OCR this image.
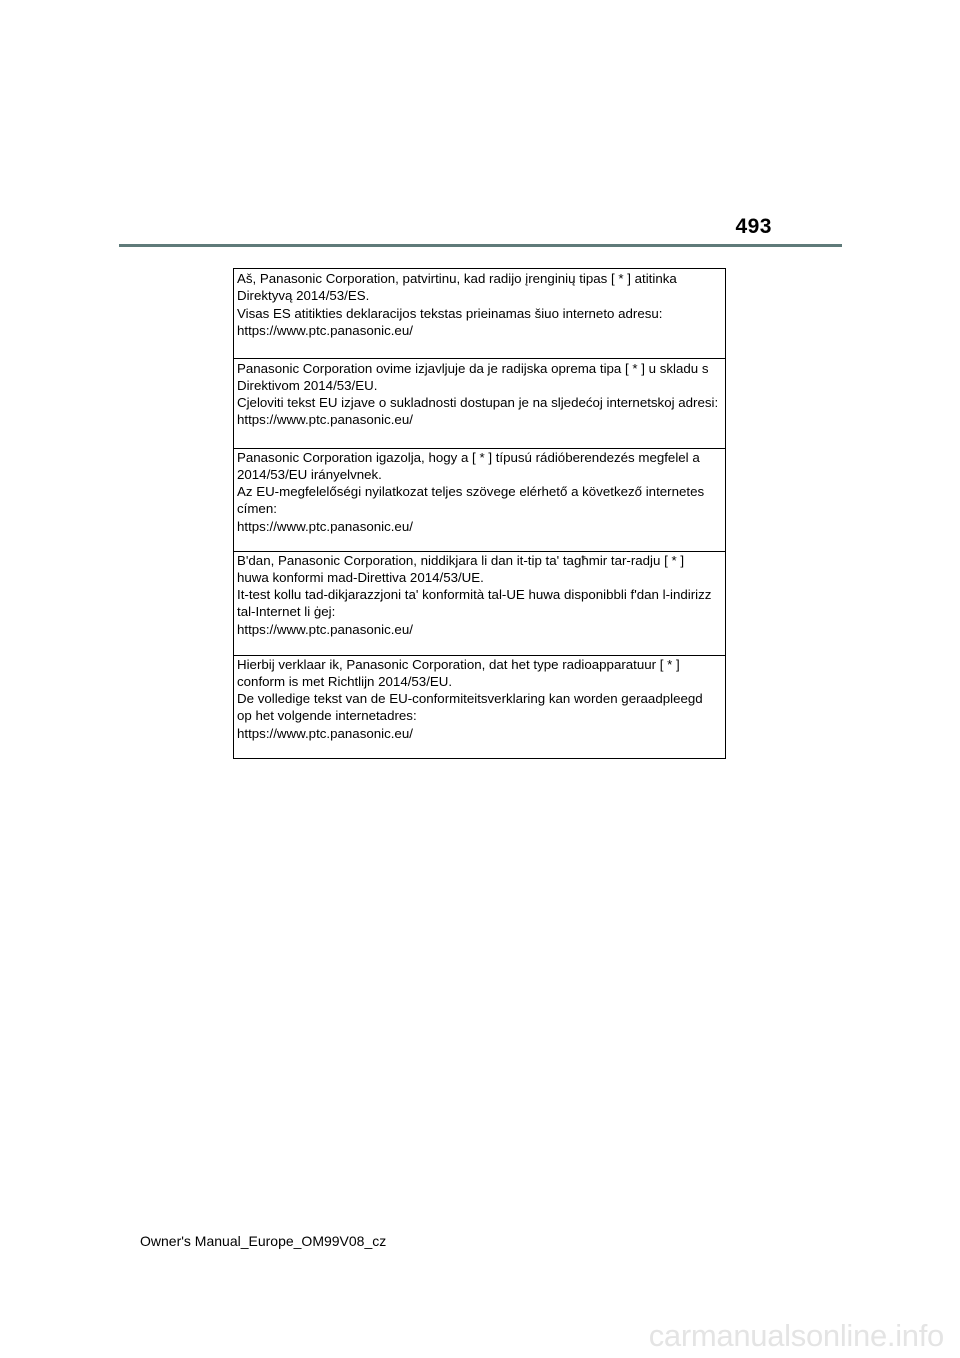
493
Aš, Panasonic Corporation, patvirtinu, kad radijo įrenginių tipas [ * ] atitinka
Direktyvą 2014/53/ES.
Visas ES atitikties deklaracijos tekstas prieinamas šiuo interneto adresu:
https://www.ptc.panasonic.eu/
Panasonic Corporation ovime izjavljuje da je radijska oprema tipa [ * ] u skladu s
Direktivom 2014/53/EU.
Cjeloviti tekst EU izjave o sukladnosti dostupan je na sljedećoj internetskoj adresi:
https://www.ptc.panasonic.eu/
Panasonic Corporation igazolja, hogy a [ * ] típusú rádióberendezés megfelel a
2014/53/EU irányelvnek.
Az EU-megfelelőségi nyilatkozat teljes szövege elérhető a következő internetes
címen:
https://www.ptc.panasonic.eu/
B'dan, Panasonic Corporation, niddikjara li dan it-tip ta' tagħmir tar-radju [ * ]
huwa konformi mad-Direttiva 2014/53/UE.
It-test kollu tad-dikjarazzjoni ta' konformità tal-UE huwa disponibbli f'dan l-indirizz
tal-Internet li ġej:
https://www.ptc.panasonic.eu/
Hierbij verklaar ik, Panasonic Corporation, dat het type radioapparatuur [ * ]
conform is met Richtlijn 2014/53/EU.
De volledige tekst van de EU-conformiteitsverklaring kan worden geraadpleegd
op het volgende internetadres:
https://www.ptc.panasonic.eu/
Owner's Manual_Europe_OM99V08_cz
carmanualsonline.info
